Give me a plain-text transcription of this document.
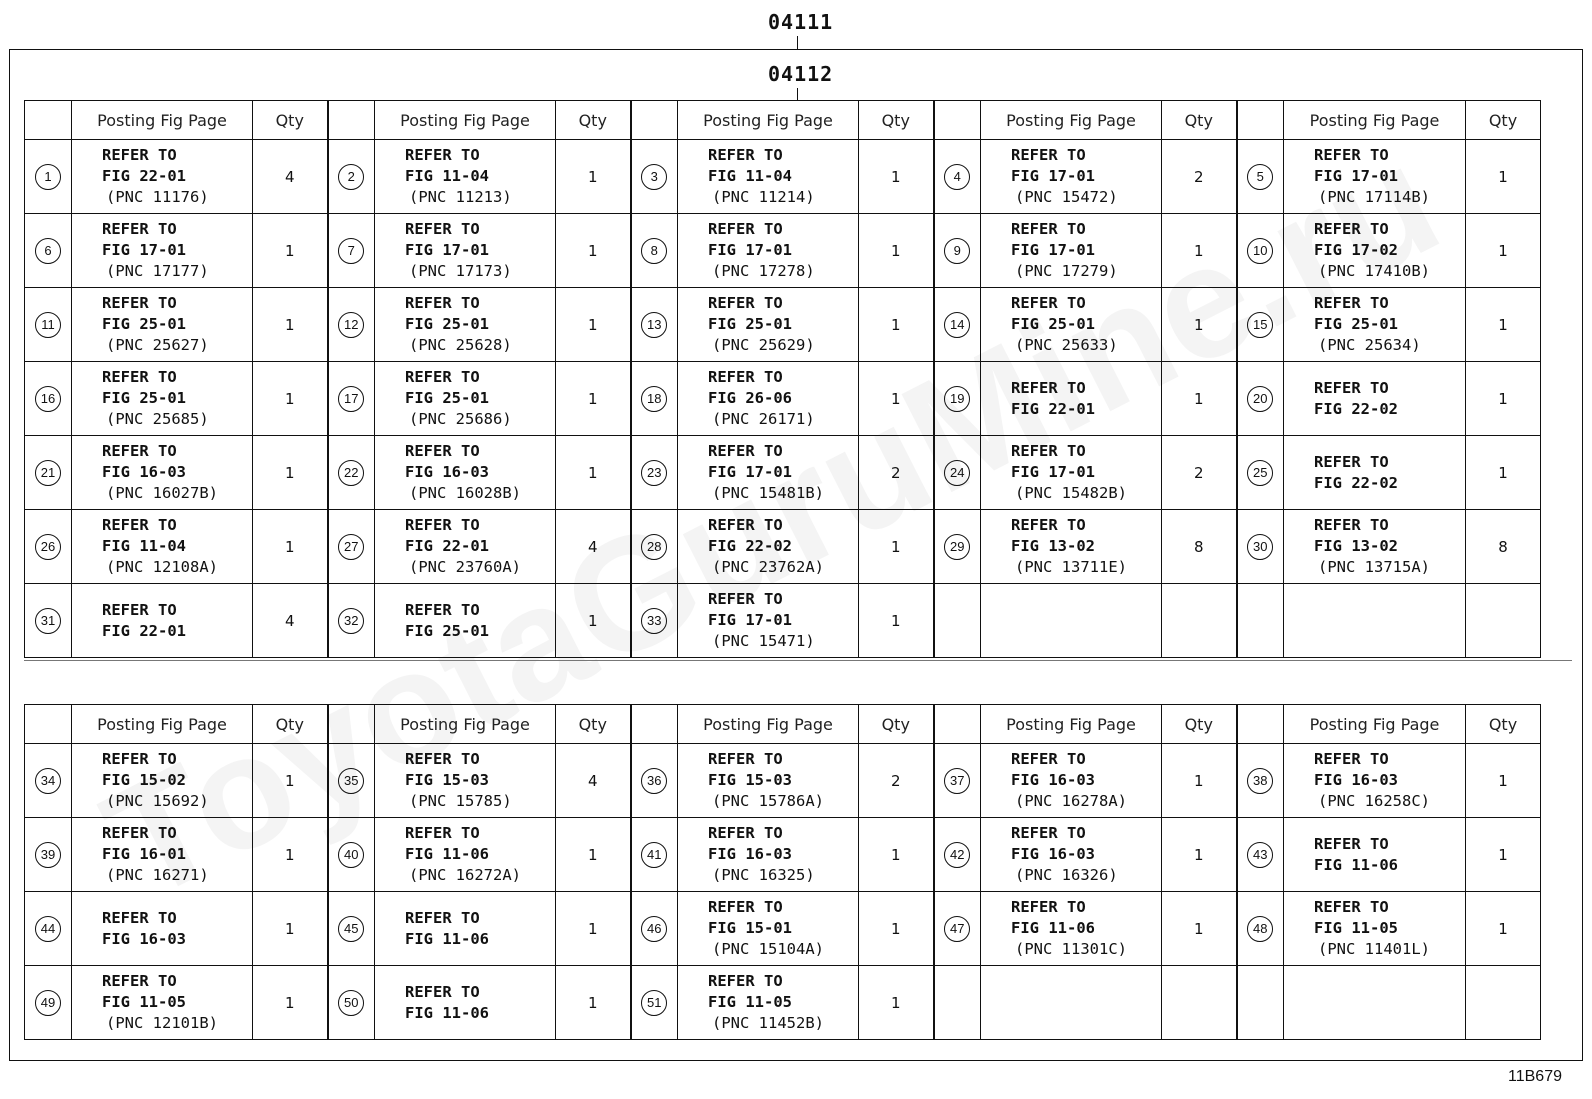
04111
04112
	Posting Fig Page	Qty		Posting Fig Page	Qty		Posting Fig Page	Qty		Posting Fig Page	Qty		Posting Fig Page	Qty
1	REFER TO
FIG 22-01
(PNC 11176)	4	2	REFER TO
FIG 11-04
(PNC 11213)	1	3	REFER TO
FIG 11-04
(PNC 11214)	1	4	REFER TO
FIG 17-01
(PNC 15472)	2	5	REFER TO
FIG 17-01
(PNC 17114B)	1
6	REFER TO
FIG 17-01
(PNC 17177)	1	7	REFER TO
FIG 17-01
(PNC 17173)	1	8	REFER TO
FIG 17-01
(PNC 17278)	1	9	REFER TO
FIG 17-01
(PNC 17279)	1	10	REFER TO
FIG 17-02
(PNC 17410B)	1
11	REFER TO
FIG 25-01
(PNC 25627)	1	12	REFER TO
FIG 25-01
(PNC 25628)	1	13	REFER TO
FIG 25-01
(PNC 25629)	1	14	REFER TO
FIG 25-01
(PNC 25633)	1	15	REFER TO
FIG 25-01
(PNC 25634)	1
16	REFER TO
FIG 25-01
(PNC 25685)	1	17	REFER TO
FIG 25-01
(PNC 25686)	1	18	REFER TO
FIG 26-06
(PNC 26171)	1	19	REFER TO
FIG 22-01	1	20	REFER TO
FIG 22-02	1
21	REFER TO
FIG 16-03
(PNC 16027B)	1	22	REFER TO
FIG 16-03
(PNC 16028B)	1	23	REFER TO
FIG 17-01
(PNC 15481B)	2	24	REFER TO
FIG 17-01
(PNC 15482B)	2	25	REFER TO
FIG 22-02	1
26	REFER TO
FIG 11-04
(PNC 12108A)	1	27	REFER TO
FIG 22-01
(PNC 23760A)	4	28	REFER TO
FIG 22-02
(PNC 23762A)	1	29	REFER TO
FIG 13-02
(PNC 13711E)	8	30	REFER TO
FIG 13-02
(PNC 13715A)	8
31	REFER TO
FIG 22-01	4	32	REFER TO
FIG 25-01	1	33	REFER TO
FIG 17-01
(PNC 15471)	1						
	Posting Fig Page	Qty		Posting Fig Page	Qty		Posting Fig Page	Qty		Posting Fig Page	Qty		Posting Fig Page	Qty
34	REFER TO
FIG 15-02
(PNC 15692)	1	35	REFER TO
FIG 15-03
(PNC 15785)	4	36	REFER TO
FIG 15-03
(PNC 15786A)	2	37	REFER TO
FIG 16-03
(PNC 16278A)	1	38	REFER TO
FIG 16-03
(PNC 16258C)	1
39	REFER TO
FIG 16-01
(PNC 16271)	1	40	REFER TO
FIG 11-06
(PNC 16272A)	1	41	REFER TO
FIG 16-03
(PNC 16325)	1	42	REFER TO
FIG 16-03
(PNC 16326)	1	43	REFER TO
FIG 11-06	1
44	REFER TO
FIG 16-03	1	45	REFER TO
FIG 11-06	1	46	REFER TO
FIG 15-01
(PNC 15104A)	1	47	REFER TO
FIG 11-06
(PNC 11301C)	1	48	REFER TO
FIG 11-05
(PNC 11401L)	1
49	REFER TO
FIG 11-05
(PNC 12101B)	1	50	REFER TO
FIG 11-06	1	51	REFER TO
FIG 11-05
(PNC 11452B)	1						
11B679
